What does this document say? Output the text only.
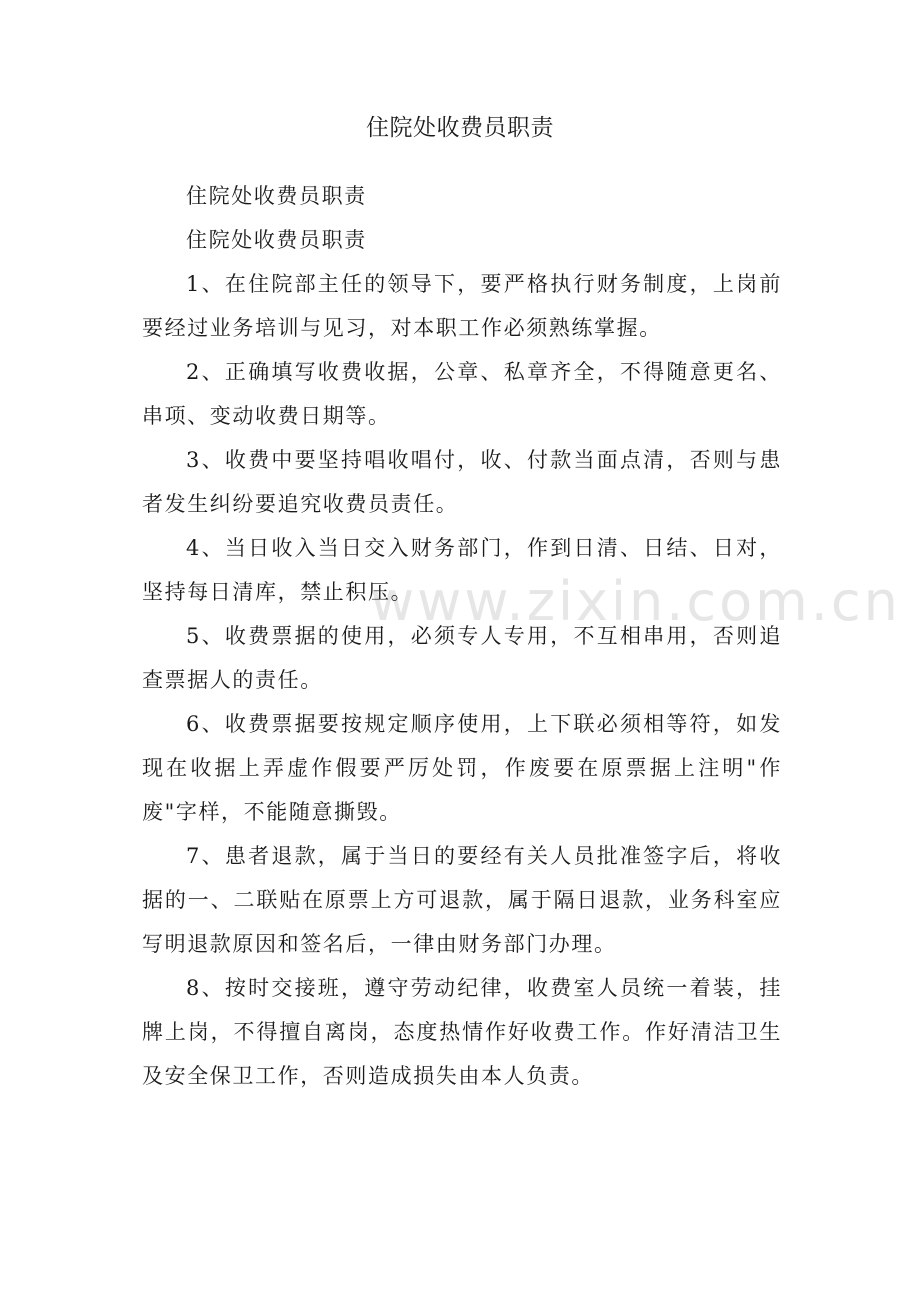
www.zixin.com.cn
住院处收费员职责

住院处收费员职责

住院处收费员职责

1、在住院部主任的领导下，要严格执行财务制度，上岗前要经过业务培训与见习，对本职工作必须熟练掌握。

2、正确填写收费收据，公章、私章齐全，不得随意更名、串项、变动收费日期等。

3、收费中要坚持唱收唱付，收、付款当面点清，否则与患者发生纠纷要追究收费员责任。

4、当日收入当日交入财务部门，作到日清、日结、日对，坚持每日清库，禁止积压。

5、收费票据的使用，必须专人专用，不互相串用，否则追查票据人的责任。

6、收费票据要按规定顺序使用，上下联必须相等符，如发现在收据上弄虚作假要严厉处罚，作废要在原票据上注明"作废"字样，不能随意撕毁。

7、患者退款，属于当日的要经有关人员批准签字后，将收据的一、二联贴在原票上方可退款，属于隔日退款，业务科室应写明退款原因和签名后，一律由财务部门办理。

8、按时交接班，遵守劳动纪律，收费室人员统一着装，挂牌上岗，不得擅自离岗，态度热情作好收费工作。作好清洁卫生及安全保卫工作，否则造成损失由本人负责。
